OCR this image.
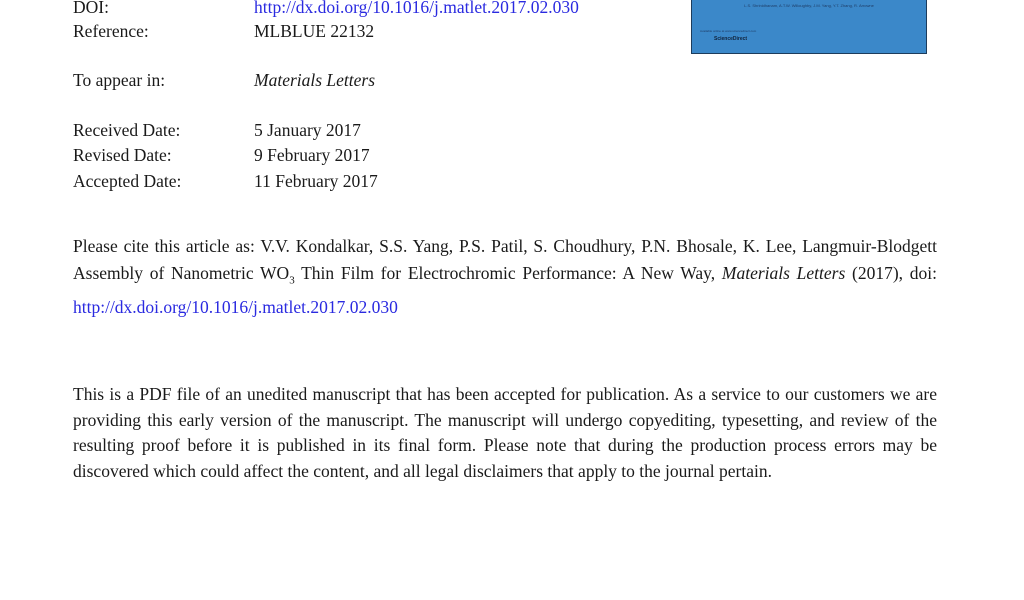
L.S. Shrinidhanam, A.T.W. Willoughby, J.M. Yang, Y.T. Zhang, R. Arrowne
Available online at www.sciencedirect.com
ScienceDirect
DOI:	http://dx.doi.org/10.1016/j.matlet.2017.02.030
Reference:	MLBLUE 22132
To appear in:	Materials Letters
Received Date:	5 January 2017
Revised Date:	9 February 2017
Accepted Date:	11 February 2017
Please cite this article as: V.V. Kondalkar, S.S. Yang, P.S. Patil, S. Choudhury, P.N. Bhosale, K. Lee, Langmuir-Blodgett Assembly of Nanometric $WO_3$ Thin Film for Electrochromic Performance: A New Way, Materials Letters (2017), doi: http://dx.doi.org/10.1016/j.matlet.2017.02.030
This is a PDF file of an unedited manuscript that has been accepted for publication. As a service to our customers we are providing this early version of the manuscript. The manuscript will undergo copyediting, typesetting, and review of the resulting proof before it is published in its final form. Please note that during the production process errors may be discovered which could affect the content, and all legal disclaimers that apply to the journal pertain.
